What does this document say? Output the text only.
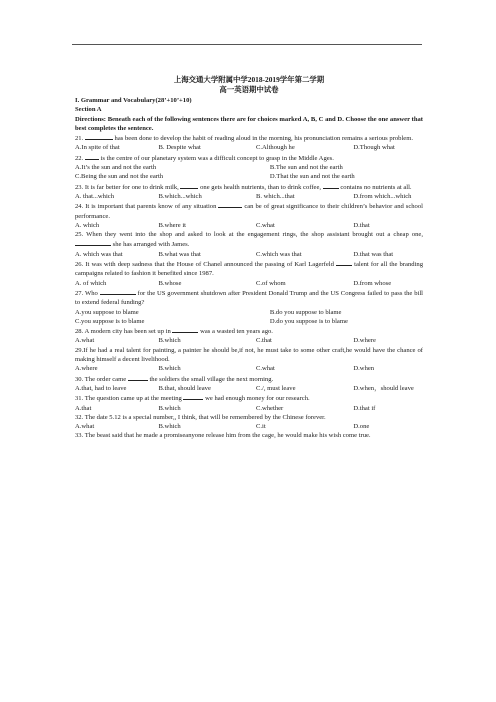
上海交通大学附属中学2018-2019学年第二学期
高一英语期中试卷
I. Grammar and Vocabulary(28’+10’+10)
Section A
Directions: Beneath each of the following sentences there are for choices marked A, B, C and D. Choose the one answer that best completes the sentence.
21.	has been done to develop the habit of reading aloud in the morning, his pronunciation remains a serious problem.
A.In spite of that	B. Despite what	C.Although he	D.Though what
22.  is the centre of our planetary system was a difficult concept to grasp in the Middle Ages.
A.It’s the sun and not the earth	B.The sun and not the earth
C.Being the sun and not the earth	D.That the sun and not the earth
23. It is far better for one to drink milk,	one gets health nutrients, than to drink coffee,  contains no nutrients at all.
A. that...which	B.which...which	B. which...that	D.from which...which
24. It is important that parents know of any situation	can be of great significance to their children’s behavior and school performance.
A. which	B.where it	C.what	D.that
25. When they went into the shop and asked to look at the engagement rings, the shop assistant brought out a cheap one,  she has arranged with James.
A. which was that	B.what was that	C.which was that	D.that was that
26. It was with deep sadness that the House of Chanel announced the passing of Karl Lagerfeld  talent for all the branding campaigns related to fashion it benefited since 1987.
A. of which	B.whose	C.of whom	D.from whose
27. Who	for the US government shutdown after President Donald Trump and the US Congress failed to pass the bill to extend federal funding?
A.you suppose to blame	B.do you suppose to blame
C.you suppose is to blame	D.do you suppose is to blame
28. A modern city has been set up in	was a wasted ten years ago.
A.what	B.which	C.that	D.where
29.If he had a real talent for painting, a painter he should be,if not, he must take to some other craft,he would have the chance of making himself a decent livelihood.
A.where	B.which	C.what	D.when
30. The order came	the soldiers the small village the next morning.
A.that, had to leave	B.that, should leave	C./, must leave	D.when，should leave
31. The question came up at the meeting	we had enough money for our research.
A.that	B.which	C.whether	D.that if
32. The date 5.12 is a special number,, I think, that will be remembered by the Chinese forever.
A.what	B.which	C.it	D.one
33. The beast said that he made a promiseanyone release him from the cage, he would make his wish come true.
